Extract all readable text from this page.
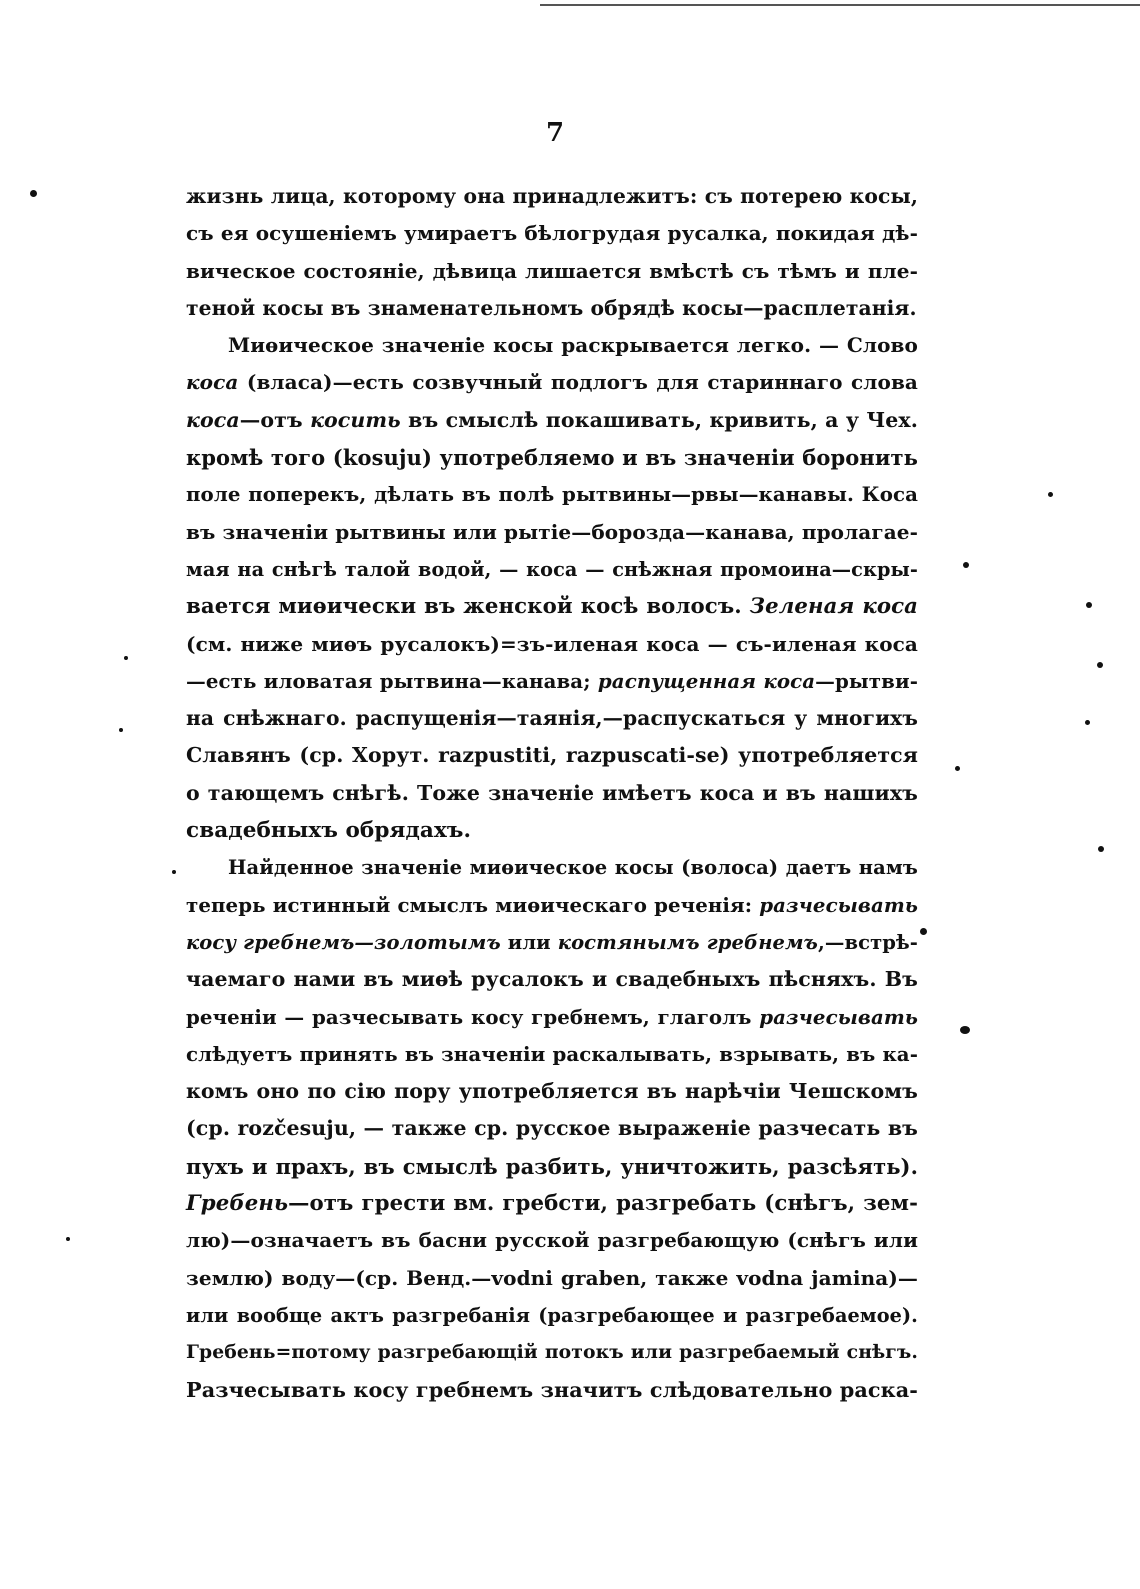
7
жизнь лица, которому она принадлежитъ: съ потерею косы,
съ ея осушеніемъ умираетъ бѣлогрудая русалка, покидая дѣ-
вическое состояніе, дѣвица лишается вмѣстѣ съ тѣмъ и пле-
теной косы въ знаменательномъ обрядѣ косы—расплетанія.
Миѳическое значеніе косы раскрывается легко. — Слово
коса (власа)—есть созвучный подлогъ для стариннаго слова
коса—отъ косить въ смыслѣ покашивать, кривить, а у Чех.
кромѣ того (kosuju) употребляемо и въ значеніи боронить
поле поперекъ, дѣлать въ полѣ рытвины—рвы—канавы. Коса
въ значеніи рытвины или рытіе—борозда—канава, пролагае-
мая на снѣгѣ талой водой, — коса — снѣжная промоина—скры-
вается миѳически въ женской косѣ волосъ. Зеленая коса
(см. ниже миѳъ русалокъ)=зъ-иленая коса — съ-иленая коса
—есть иловатая рытвина—канава; распущенная коса—рытви-
на снѣжнаго. распущенія—таянія,—распускаться у многихъ
Славянъ (ср. Хорут. razpustiti, razpuscati-se) употребляется
о тающемъ снѣгѣ. Тоже значеніе имѣетъ коса и въ нашихъ
свадебныхъ обрядахъ.
Найденное значеніе миѳическое косы (волоса) даетъ намъ
теперь истинный смыслъ миѳическаго реченія: разчесывать
косу гребнемъ—золотымъ или костянымъ гребнемъ,—встрѣ-
чаемаго нами въ миѳѣ русалокъ и свадебныхъ пѣсняхъ. Въ
реченіи — разчесывать косу гребнемъ, глаголъ разчесывать
слѣдуетъ принять въ значеніи раскалывать, взрывать, въ ка-
комъ оно по сію пору употребляется въ нарѣчіи Чешскомъ
(ср. rozčesuju, — также ср. русское выраженіе разчесать въ
пухъ и прахъ, въ смыслѣ разбить, уничтожить, разсѣять).
Гребень—отъ грести вм. гребсти, разгребать (снѣгъ, зем-
лю)—означаетъ въ басни русской разгребающую (снѣгъ или
землю) воду—(ср. Венд.—vodni graben, также vodna jamina)—
или вообще актъ разгребанія (разгребающее и разгребаемое).
Гребень=потому разгребающій потокъ или разгребаемый снѣгъ.
Разчесывать косу гребнемъ значитъ слѣдовательно раска-
